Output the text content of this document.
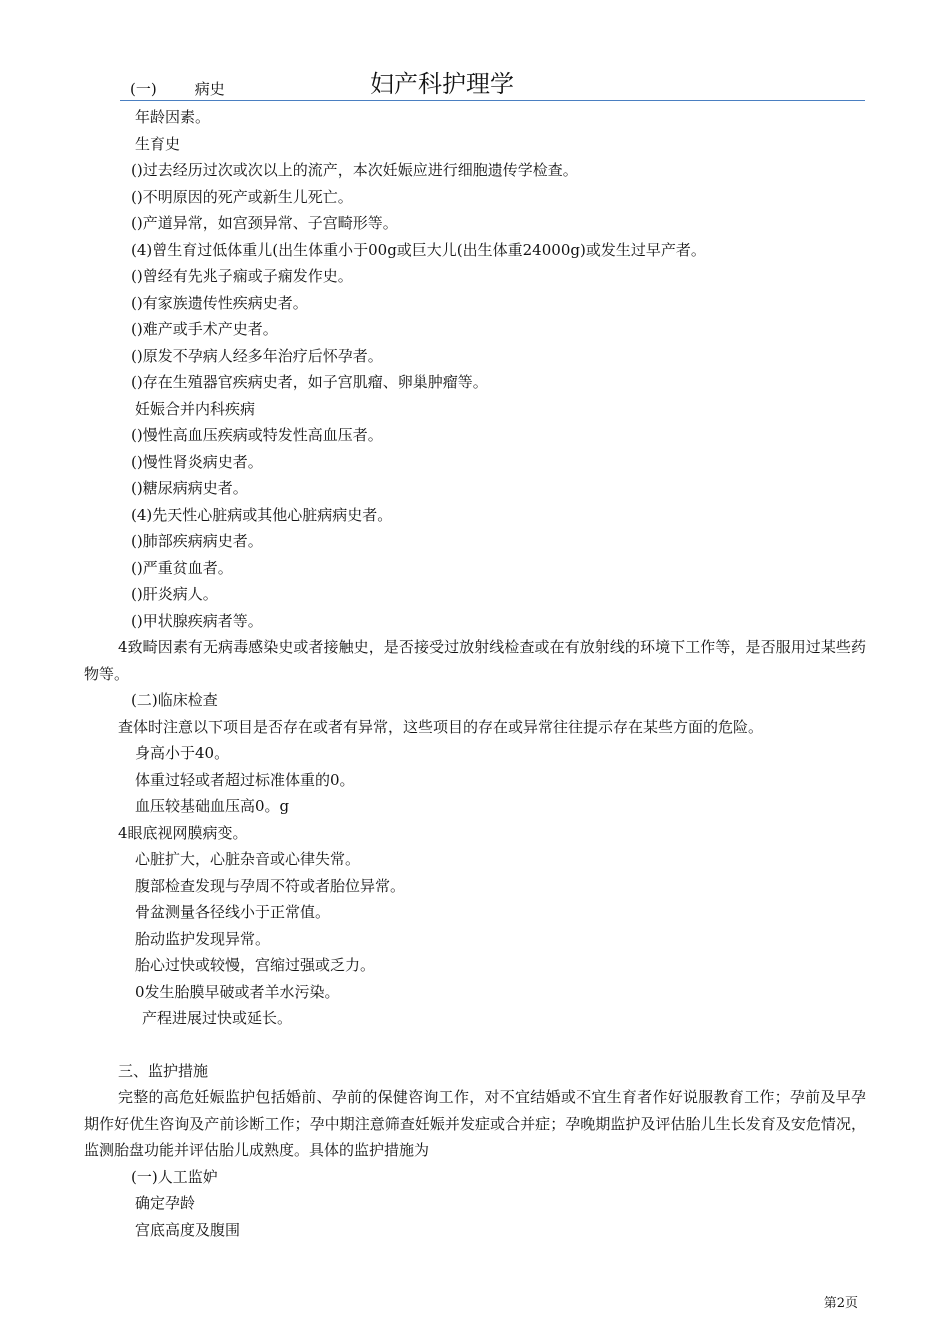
(一)	病史	妇产科护理学
年龄因素。
生育史
()过去经历过次或次以上的流产，本次妊娠应进行细胞遗传学检查。
()不明原因的死产或新生儿死亡。
()产道异常，如宫颈异常、子宫畸形等。
(4)曾生育过低体重儿(出生体重小于00g或巨大儿(出生体重24000g)或发生过早产者。
()曾经有先兆子痫或子痫发作史。
()有家族遗传性疾病史者。
()难产或手术产史者。
()原发不孕病人经多年治疗后怀孕者。
()存在生殖器官疾病史者，如子宫肌瘤、卵巢肿瘤等。
妊娠合并内科疾病
()慢性高血压疾病或特发性高血压者。
()慢性肾炎病史者。
()糖尿病病史者。
(4)先天性心脏病或其他心脏病病史者。
()肺部疾病病史者。
()严重贫血者。
()肝炎病人。
()甲状腺疾病者等。
4致畸因素有无病毒感染史或者接触史，是否接受过放射线检查或在有放射线的环境下工作等，是否服用过某些药物等。
(二)临床检查
查体时注意以下项目是否存在或者有异常，这些项目的存在或异常往往提示存在某些方面的危险。
身高小于40。
体重过轻或者超过标准体重的0。
血压较基础血压高0。g
4眼底视网膜病变。
心脏扩大，心脏杂音或心律失常。
腹部检查发现与孕周不符或者胎位异常。
骨盆测量各径线小于正常值。
胎动监护发现异常。
胎心过快或较慢，宫缩过强或乏力。
0发生胎膜早破或者羊水污染。
产程进展过快或延长。
三、监护措施
完整的高危妊娠监护包括婚前、孕前的保健咨询工作，对不宜结婚或不宜生育者作好说服教育工作；孕前及早孕期作好优生咨询及产前诊断工作；孕中期注意筛查妊娠并发症或合并症；孕晚期监护及评估胎儿生长发育及安危情况，监测胎盘功能并评估胎儿成熟度。具体的监护措施为
(一)人工监妒
确定孕龄
宫底高度及腹围
第2页
